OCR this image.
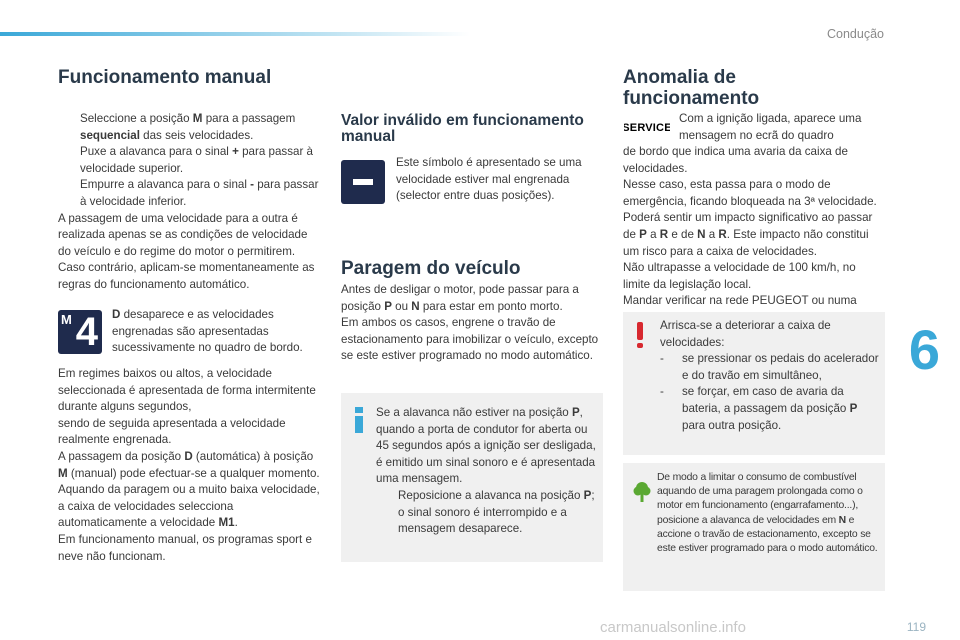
Condução
Funcionamento manual

Seleccione a posição M para a passagem sequencial das seis velocidades.

Puxe a alavanca para o sinal + para passar à velocidade superior.

Empurre a alavanca para o sinal - para passar à velocidade inferior.

A passagem de uma velocidade para a outra é realizada apenas se as condições de velocidade do veículo e do regime do motor o permitirem. Caso contrário, aplicam-se momentaneamente as regras do funcionamento automático.

M 4 D desaparece e as velocidades engrenadas são apresentadas sucessivamente no quadro de bordo.

Em regimes baixos ou altos, a velocidade seleccionada é apresentada de forma intermitente durante alguns segundos,

sendo de seguida apresentada a velocidade realmente engrenada.

A passagem da posição D (automática) à posição M (manual) pode efectuar-se a qualquer momento.

Aquando da paragem ou a muito baixa velocidade, a caixa de velocidades selecciona automaticamente a velocidade M1.

Em funcionamento manual, os programas sport e neve não funcionam.

Valor inválido em funcionamento
manual

Este símbolo é apresentado se uma velocidade estiver mal engrenada (selector entre duas posições).

Paragem do veículo

Antes de desligar o motor, pode passar para a posição P ou N para estar em ponto morto.

Em ambos os casos, engrene o travão de estacionamento para imobilizar o veículo, excepto se este estiver programado no modo automático.

Se a alavanca não estiver na posição P, quando a porta de condutor for aberta ou 45 segundos após a ignição ser desligada, é emitido um sinal sonoro e é apresentada uma mensagem.

Reposicione a alavanca na posição P; o sinal sonoro é interrompido e a mensagem desaparece.

Anomalia de
funcionamento
SERVICE

Com a ignição ligada, aparece uma mensagem no ecrã do quadro

de bordo que indica uma avaria da caixa de velocidades.

Nesse caso, esta passa para o modo de emergência, ficando bloqueada na 3ª velocidade. Poderá sentir um impacto significativo ao passar de P a R e de N a R. Este impacto não constitui um risco para a caixa de velocidades.

Não ultrapasse a velocidade de 100 km/h, no limite da legislação local.

Mandar verificar na rede PEUGEOT ou numa

Arrisca-se a deteriorar a caixa de velocidades:

- se pressionar os pedais do acelerador e do travão em simultâneo,

- se forçar, em caso de avaria da bateria, a passagem da posição P para outra posição.

De modo a limitar o consumo de combustível aquando de uma paragem prolongada como o motor em funcionamento (engarrafamento...), posicione a alavanca de velocidades em N e accione o travão de estacionamento, excepto se este estiver programado para o modo automático.

6
119
carmanualsonline.info
